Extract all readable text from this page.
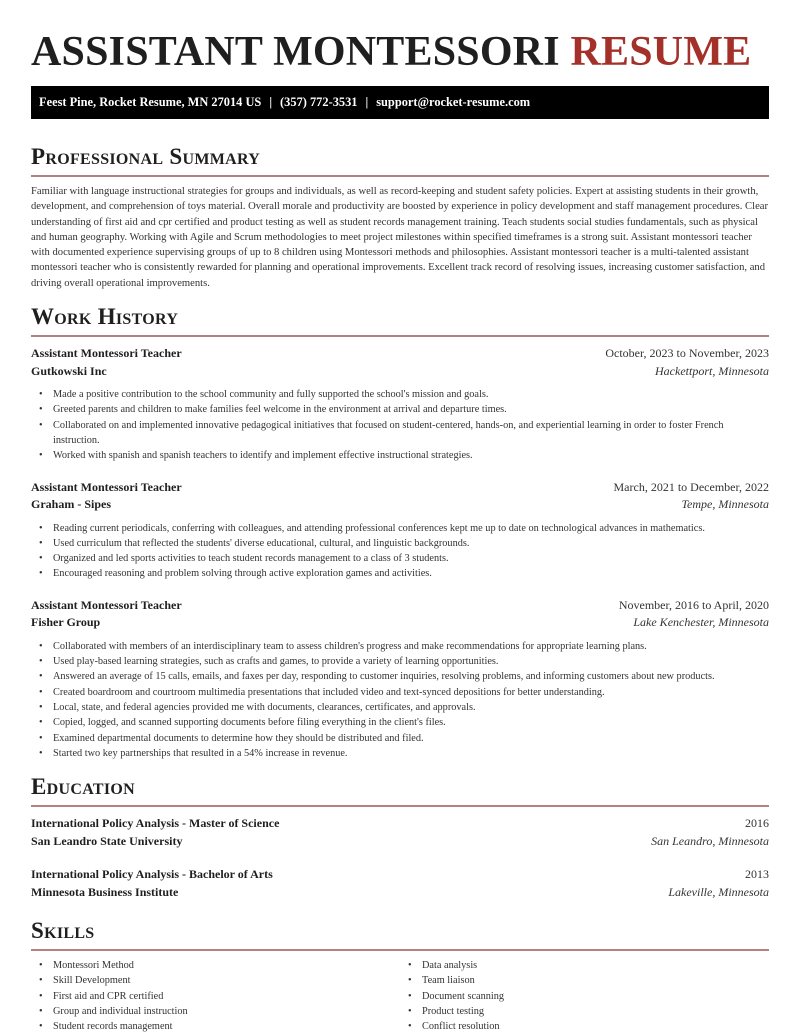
ASSISTANT MONTESSORI RESUME
Feest Pine, Rocket Resume, MN 27014 US | (357) 772-3531 | support@rocket-resume.com
Professional Summary

Familiar with language instructional strategies for groups and individuals, as well as record-keeping and student safety policies. Expert at assisting students in their growth, development, and comprehension of toys material. Overall morale and productivity are boosted by experience in policy development and staff management procedures. Clear understanding of first aid and cpr certified and product testing as well as student records management training. Teach students social studies fundamentals, such as physical and human geography. Working with Agile and Scrum methodologies to meet project milestones within specified timeframes is a strong suit. Assistant montessori teacher with documented experience supervising groups of up to 8 children using Montessori methods and philosophies. Assistant montessori teacher is a multi-talented assistant montessori teacher who is consistently rewarded for planning and operational improvements. Excellent track record of resolving issues, increasing customer satisfaction, and driving overall operational improvements.

Work History
Assistant Montessori Teacher	October, 2023 to November, 2023
Gutkowski Inc	Hackettport, Minnesota
• Made a positive contribution to the school community and fully supported the school's mission and goals.
• Greeted parents and children to make families feel welcome in the environment at arrival and departure times.
• Collaborated on and implemented innovative pedagogical initiatives that focused on student-centered, hands-on, and experiential learning in order to foster French instruction.
• Worked with spanish and spanish teachers to identify and implement effective instructional strategies.
Assistant Montessori Teacher	March, 2021 to December, 2022
Graham - Sipes	Tempe, Minnesota
• Reading current periodicals, conferring with colleagues, and attending professional conferences kept me up to date on technological advances in mathematics.
• Used curriculum that reflected the students' diverse educational, cultural, and linguistic backgrounds.
• Organized and led sports activities to teach student records management to a class of 3 students.
• Encouraged reasoning and problem solving through active exploration games and activities.
Assistant Montessori Teacher	November, 2016 to April, 2020
Fisher Group	Lake Kenchester, Minnesota
• Collaborated with members of an interdisciplinary team to assess children's progress and make recommendations for appropriate learning plans.
• Used play-based learning strategies, such as crafts and games, to provide a variety of learning opportunities.
• Answered an average of 15 calls, emails, and faxes per day, responding to customer inquiries, resolving problems, and informing customers about new products.
• Created boardroom and courtroom multimedia presentations that included video and text-synced depositions for better understanding.
• Local, state, and federal agencies provided me with documents, clearances, certificates, and approvals.
• Copied, logged, and scanned supporting documents before filing everything in the client's files.
• Examined departmental documents to determine how they should be distributed and filed.
• Started two key partnerships that resulted in a 54% increase in revenue.
Education
International Policy Analysis - Master of Science	2016
San Leandro State University	San Leandro, Minnesota
International Policy Analysis - Bachelor of Arts	2013
Minnesota Business Institute	Lakeville, Minnesota
Skills
• Montessori Method
• Skill Development
• First aid and CPR certified
• Group and individual instruction
• Student records management
• Data analysis
• Team liaison
• Document scanning
• Product testing
• Conflict resolution
